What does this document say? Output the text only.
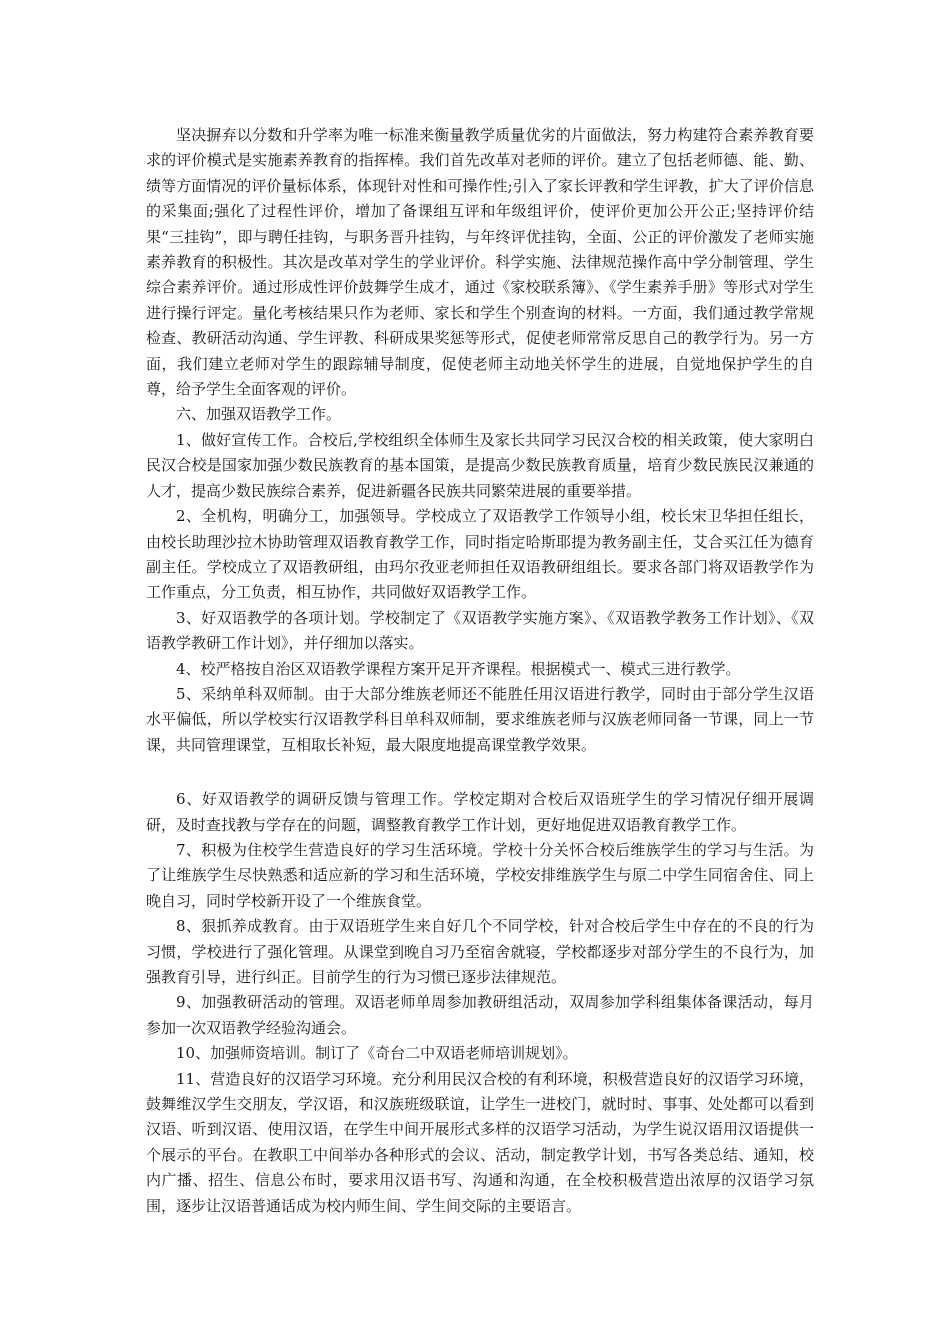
坚决摒弃以分数和升学率为唯一标准来衡量教学质量优劣的片面做法，努力构建符合素养教育要求的评价模式是实施素养教育的指挥棒。我们首先改革对老师的评价。建立了包括老师德、能、勤、绩等方面情况的评价量标体系，体现针对性和可操作性;引入了家长评教和学生评教，扩大了评价信息的采集面;强化了过程性评价，增加了备课组互评和年级组评价，使评价更加公开公正;坚持评价结果“三挂钩”，即与聘任挂钩，与职务晋升挂钩，与年终评优挂钩，全面、公正的评价激发了老师实施素养教育的积极性。其次是改革对学生的学业评价。科学实施、法律规范操作高中学分制管理、学生综合素养评价。通过形成性评价鼓舞学生成才，通过《家校联系簿》、《学生素养手册》等形式对学生进行操行评定。量化考核结果只作为老师、家长和学生个别查询的材料。一方面，我们通过教学常规检查、教研活动沟通、学生评教、科研成果奖惩等形式，促使老师常常反思自己的教学行为。另一方面，我们建立老师对学生的跟踪辅导制度，促使老师主动地关怀学生的进展，自觉地保护学生的自尊，给予学生全面客观的评价。

六、加强双语教学工作。

1、做好宣传工作。合校后,学校组织全体师生及家长共同学习民汉合校的相关政策，使大家明白民汉合校是国家加强少数民族教育的基本国策，是提高少数民族教育质量，培育少数民族民汉兼通的人才，提高少数民族综合素养，促进新疆各民族共同繁荣进展的重要举措。

2、全机构，明确分工，加强领导。学校成立了双语教学工作领导小组，校长宋卫华担任组长，由校长助理沙拉木协助管理双语教育教学工作，同时指定哈斯耶提为教务副主任，艾合买江任为德育副主任。学校成立了双语教研组，由玛尔孜亚老师担任双语教研组组长。要求各部门将双语教学作为工作重点，分工负责，相互协作，共同做好双语教学工作。

3、好双语教学的各项计划。学校制定了《双语教学实施方案》、《双语教学教务工作计划》、《双语教学教研工作计划》，并仔细加以落实。

4、校严格按自治区双语教学课程方案开足开齐课程。根据模式一、模式三进行教学。

5、采纳单科双师制。由于大部分维族老师还不能胜任用汉语进行教学，同时由于部分学生汉语水平偏低，所以学校实行汉语教学科目单科双师制，要求维族老师与汉族老师同备一节课，同上一节课，共同管理课堂，互相取长补短，最大限度地提高课堂教学效果。

6、好双语教学的调研反馈与管理工作。学校定期对合校后双语班学生的学习情况仔细开展调研，及时查找教与学存在的问题，调整教育教学工作计划，更好地促进双语教育教学工作。

7、积极为住校学生营造良好的学习生活环境。学校十分关怀合校后维族学生的学习与生活。为了让维族学生尽快熟悉和适应新的学习和生活环境，学校安排维族学生与原二中学生同宿舍住、同上晚自习，同时学校新开设了一个维族食堂。

8、狠抓养成教育。由于双语班学生来自好几个不同学校，针对合校后学生中存在的不良的行为习惯，学校进行了强化管理。从课堂到晚自习乃至宿舍就寝，学校都逐步对部分学生的不良行为，加强教育引导，进行纠正。目前学生的行为习惯已逐步法律规范。

9、加强教研活动的管理。双语老师单周参加教研组活动，双周参加学科组集体备课活动，每月参加一次双语教学经验沟通会。

10、加强师资培训。制订了《奇台二中双语老师培训规划》。

11、营造良好的汉语学习环境。充分利用民汉合校的有利环境，积极营造良好的汉语学习环境，鼓舞维汉学生交朋友，学汉语，和汉族班级联谊，让学生一进校门，就时时、事事、处处都可以看到汉语、听到汉语、使用汉语，在学生中间开展形式多样的汉语学习活动，为学生说汉语用汉语提供一个展示的平台。在教职工中间举办各种形式的会议、活动，制定教学计划，书写各类总结、通知，校内广播、招生、信息公布时，要求用汉语书写、沟通和沟通，在全校积极营造出浓厚的汉语学习氛围，逐步让汉语普通话成为校内师生间、学生间交际的主要语言。
